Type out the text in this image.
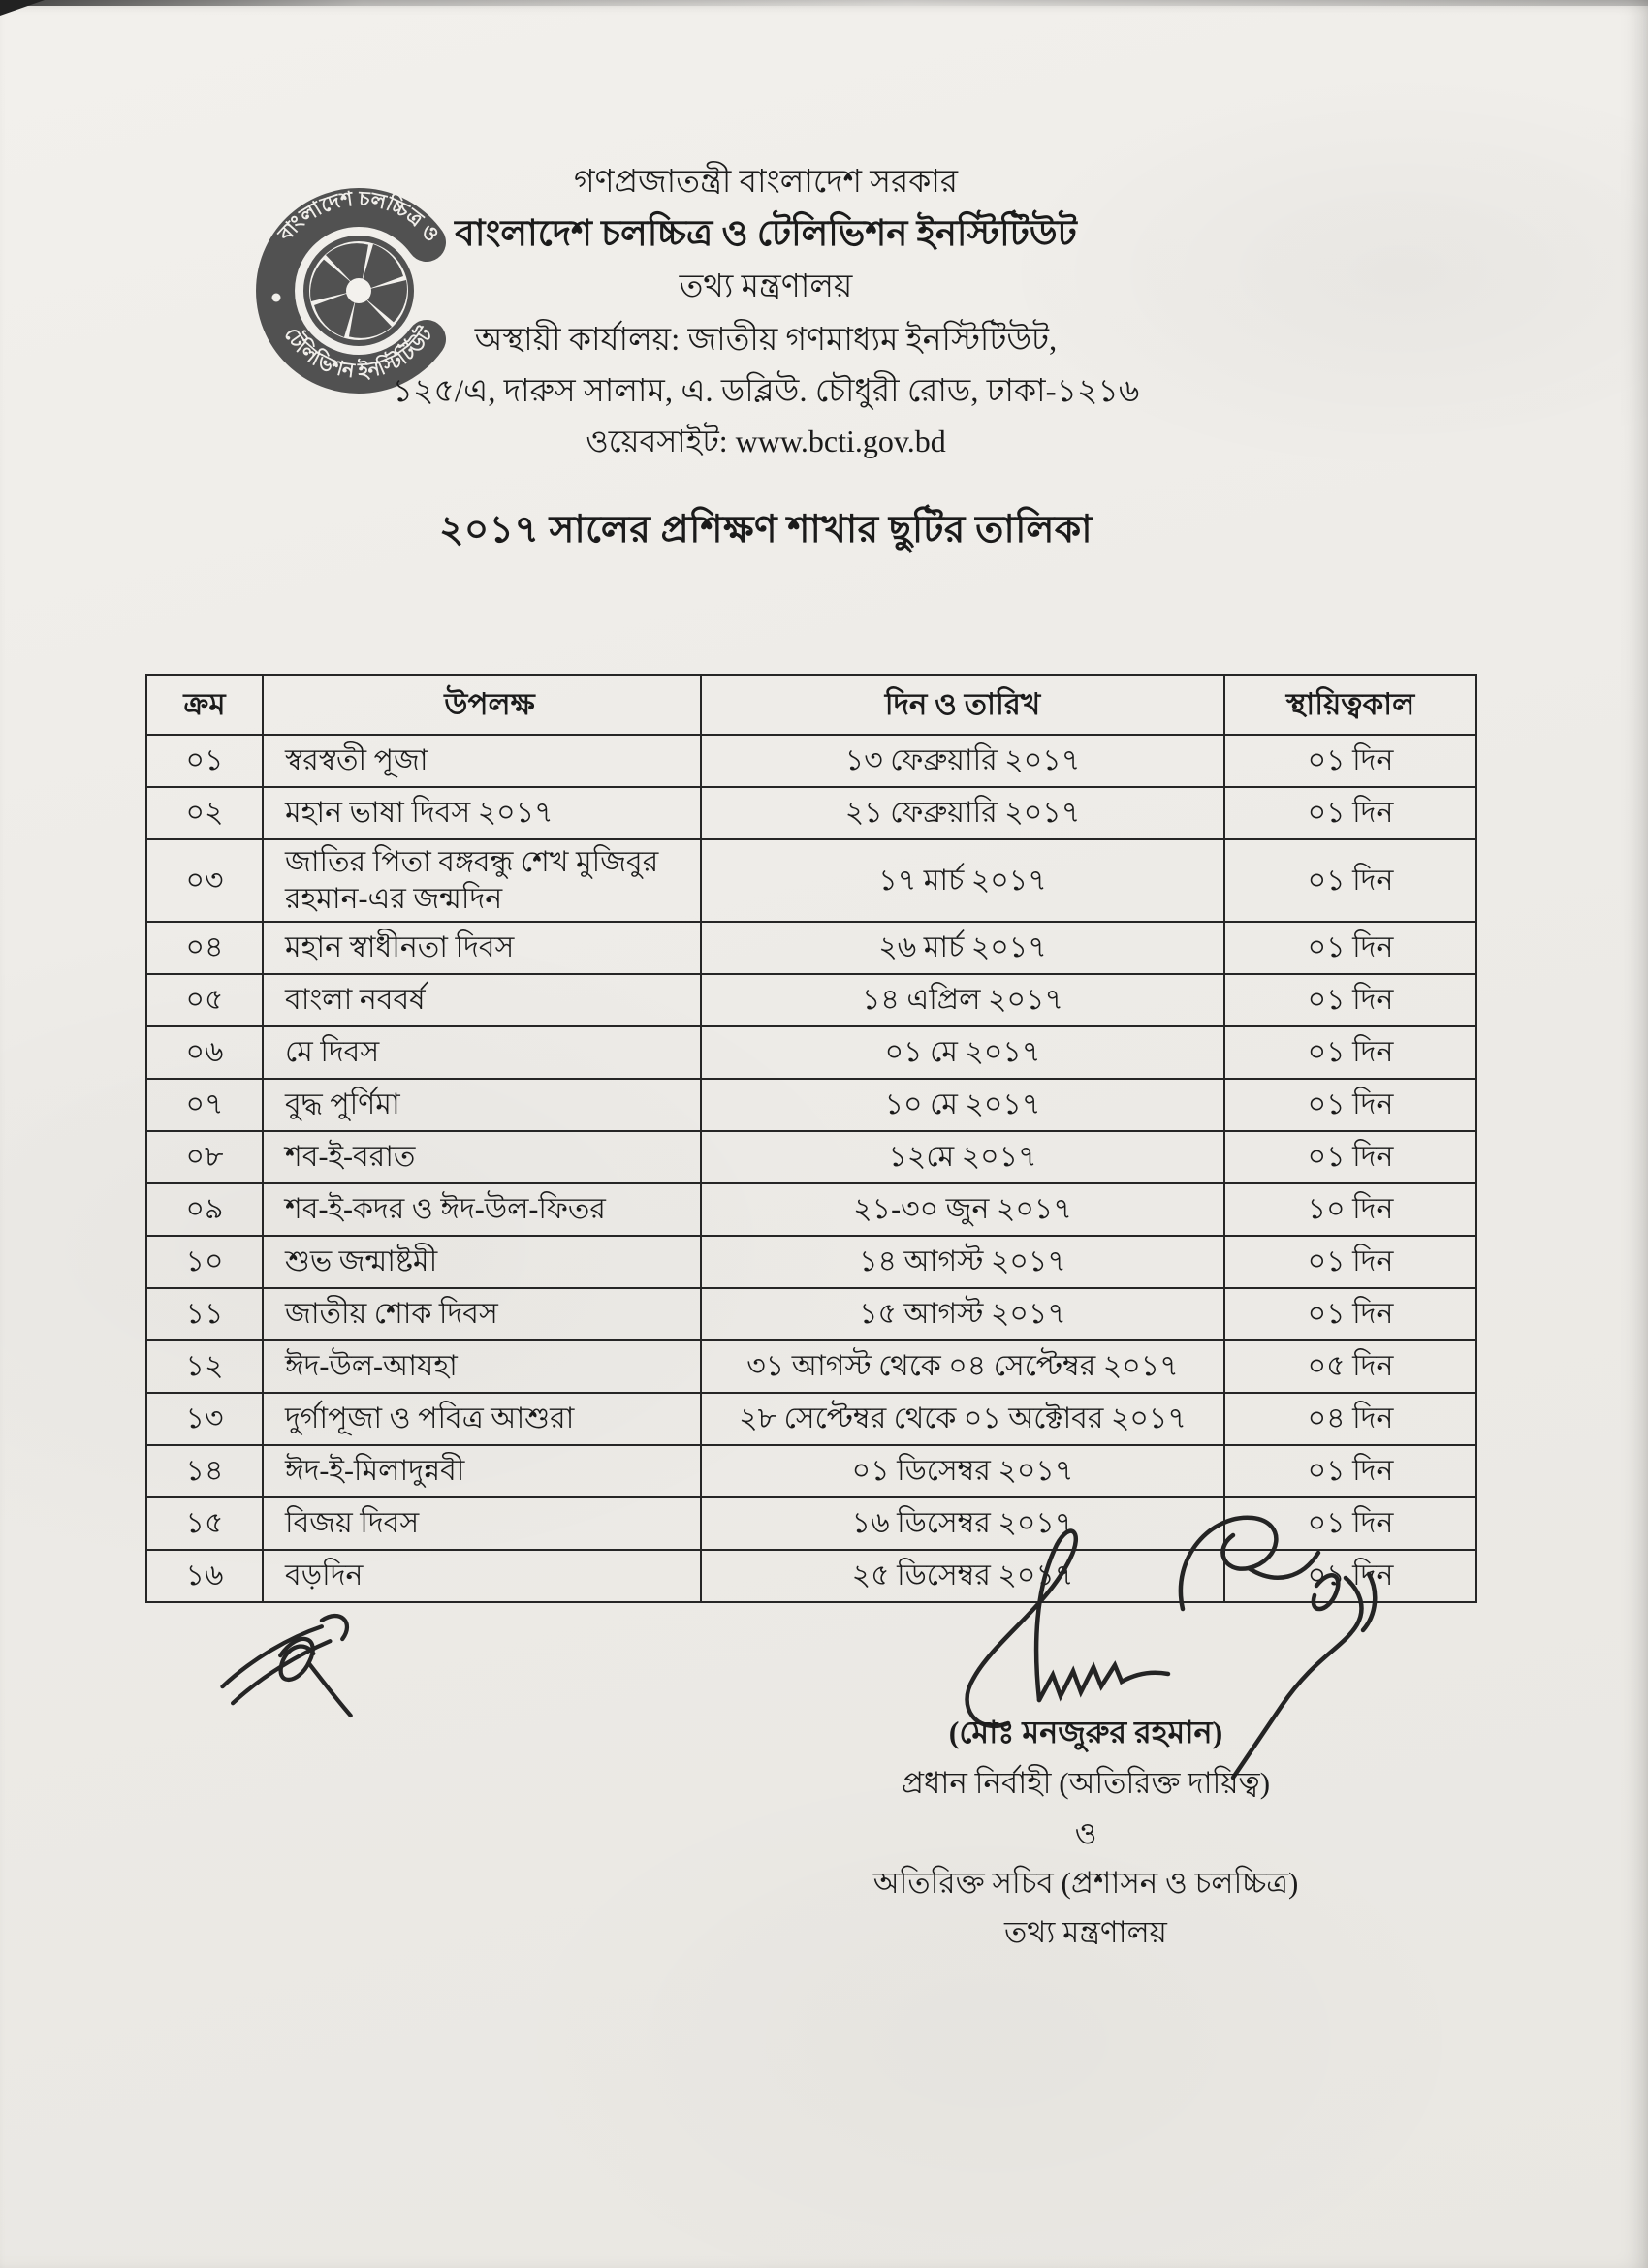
বাংলাদেশ চলচ্চিত্র ও
টেলিভিশন ইনস্টিটিউট
গণপ্রজাতন্ত্রী বাংলাদেশ সরকার
বাংলাদেশ চলচ্চিত্র ও টেলিভিশন ইনস্টিটিউট
তথ্য মন্ত্রণালয়
অস্থায়ী কার্যালয়: জাতীয় গণমাধ্যম ইনস্টিটিউট,
১২৫/এ, দারুস সালাম, এ. ডব্লিউ. চৌধুরী রোড, ঢাকা-১২১৬
ওয়েবসাইট: www.bcti.gov.bd
২০১৭ সালের প্রশিক্ষণ শাখার ছুটির তালিকা
ক্রম	উপলক্ষ	দিন ও তারিখ	স্থায়িত্বকাল
০১	স্বরস্বতী পূজা	১৩ ফেব্রুয়ারি ২০১৭	০১ দিন
০২	মহান ভাষা দিবস ২০১৭	২১ ফেব্রুয়ারি ২০১৭	০১ দিন
০৩	জাতির পিতা বঙ্গবন্ধু শেখ মুজিবুর রহমান-এর জন্মদিন	১৭ মার্চ ২০১৭	০১ দিন
০৪	মহান স্বাধীনতা দিবস	২৬ মার্চ ২০১৭	০১ দিন
০৫	বাংলা নববর্ষ	১৪ এপ্রিল ২০১৭	০১ দিন
০৬	মে দিবস	০১ মে ২০১৭	০১ দিন
০৭	বুদ্ধ পুর্ণিমা	১০ মে ২০১৭	০১ দিন
০৮	শব-ই-বরাত	১২মে ২০১৭	০১ দিন
০৯	শব-ই-কদর ও ঈদ-উল-ফিতর	২১-৩০ জুন ২০১৭	১০ দিন
১০	শুভ জন্মাষ্টমী	১৪ আগস্ট ২০১৭	০১ দিন
১১	জাতীয় শোক দিবস	১৫ আগস্ট ২০১৭	০১ দিন
১২	ঈদ-উল-আযহা	৩১ আগস্ট থেকে ০৪ সেপ্টেম্বর ২০১৭	০৫ দিন
১৩	দুর্গাপূজা ও পবিত্র আশুরা	২৮ সেপ্টেম্বর থেকে ০১ অক্টোবর ২০১৭	০৪ দিন
১৪	ঈদ-ই-মিলাদুন্নবী	০১ ডিসেম্বর ২০১৭	০১ দিন
১৫	বিজয় দিবস	১৬ ডিসেম্বর ২০১৭	০১ দিন
১৬	বড়দিন	২৫ ডিসেম্বর ২০১৭	০১ দিন
(মোঃ মনজুরুর রহমান)
প্রধান নির্বাহী (অতিরিক্ত দায়িত্ব)
ও
অতিরিক্ত সচিব (প্রশাসন ও চলচ্চিত্র)
তথ্য মন্ত্রণালয়
